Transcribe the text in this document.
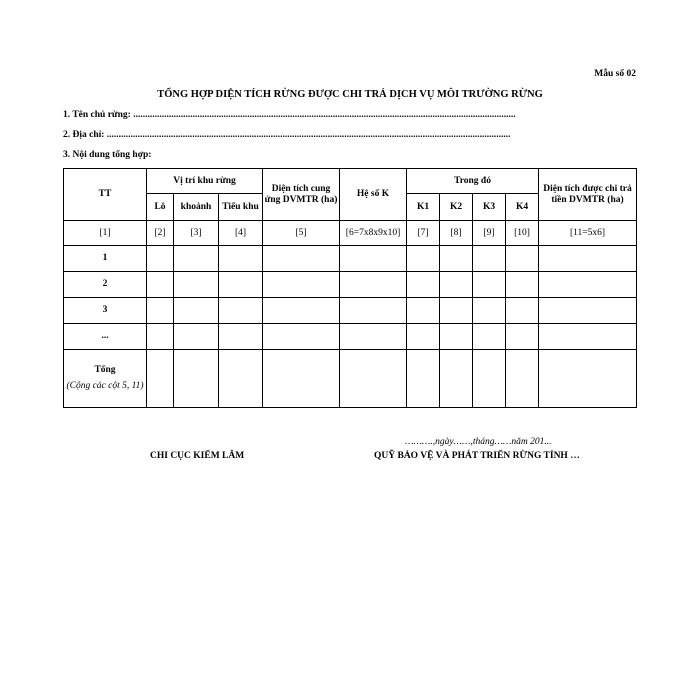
Mẫu số 02
TỔNG HỢP DIỆN TÍCH RỪNG ĐƯỢC CHI TRẢ DỊCH VỤ MÔI TRƯỜNG RỪNG
1. Tên chủ rừng: .................................................................................................................................................................
2. Địa chỉ: ..........................................................................................................................................................................
3. Nội dung tổng hợp:
TT	Vị trí khu rừng			Diện tích cung ứng DVMTR (ha)	Hệ số K	Trong đó				Diện tích được chi trả tiền DVMTR (ha)
	Lô	khoảnh	Tiểu khu			K1	K2	K3	K4	
[1]	[2]	[3]	[4]	[5]	[6=7x8x9x10]	[7]	[8]	[9]	[10]	[11=5x6]
1										
2										
3										
...										

Tổng
(Cộng các cột 5, 11)										

CHI CỤC KIỂM LÂM
……….,ngày……,tháng……năm 201...
QUỸ BẢO VỆ VÀ PHÁT TRIỂN RỪNG TỈNH …
